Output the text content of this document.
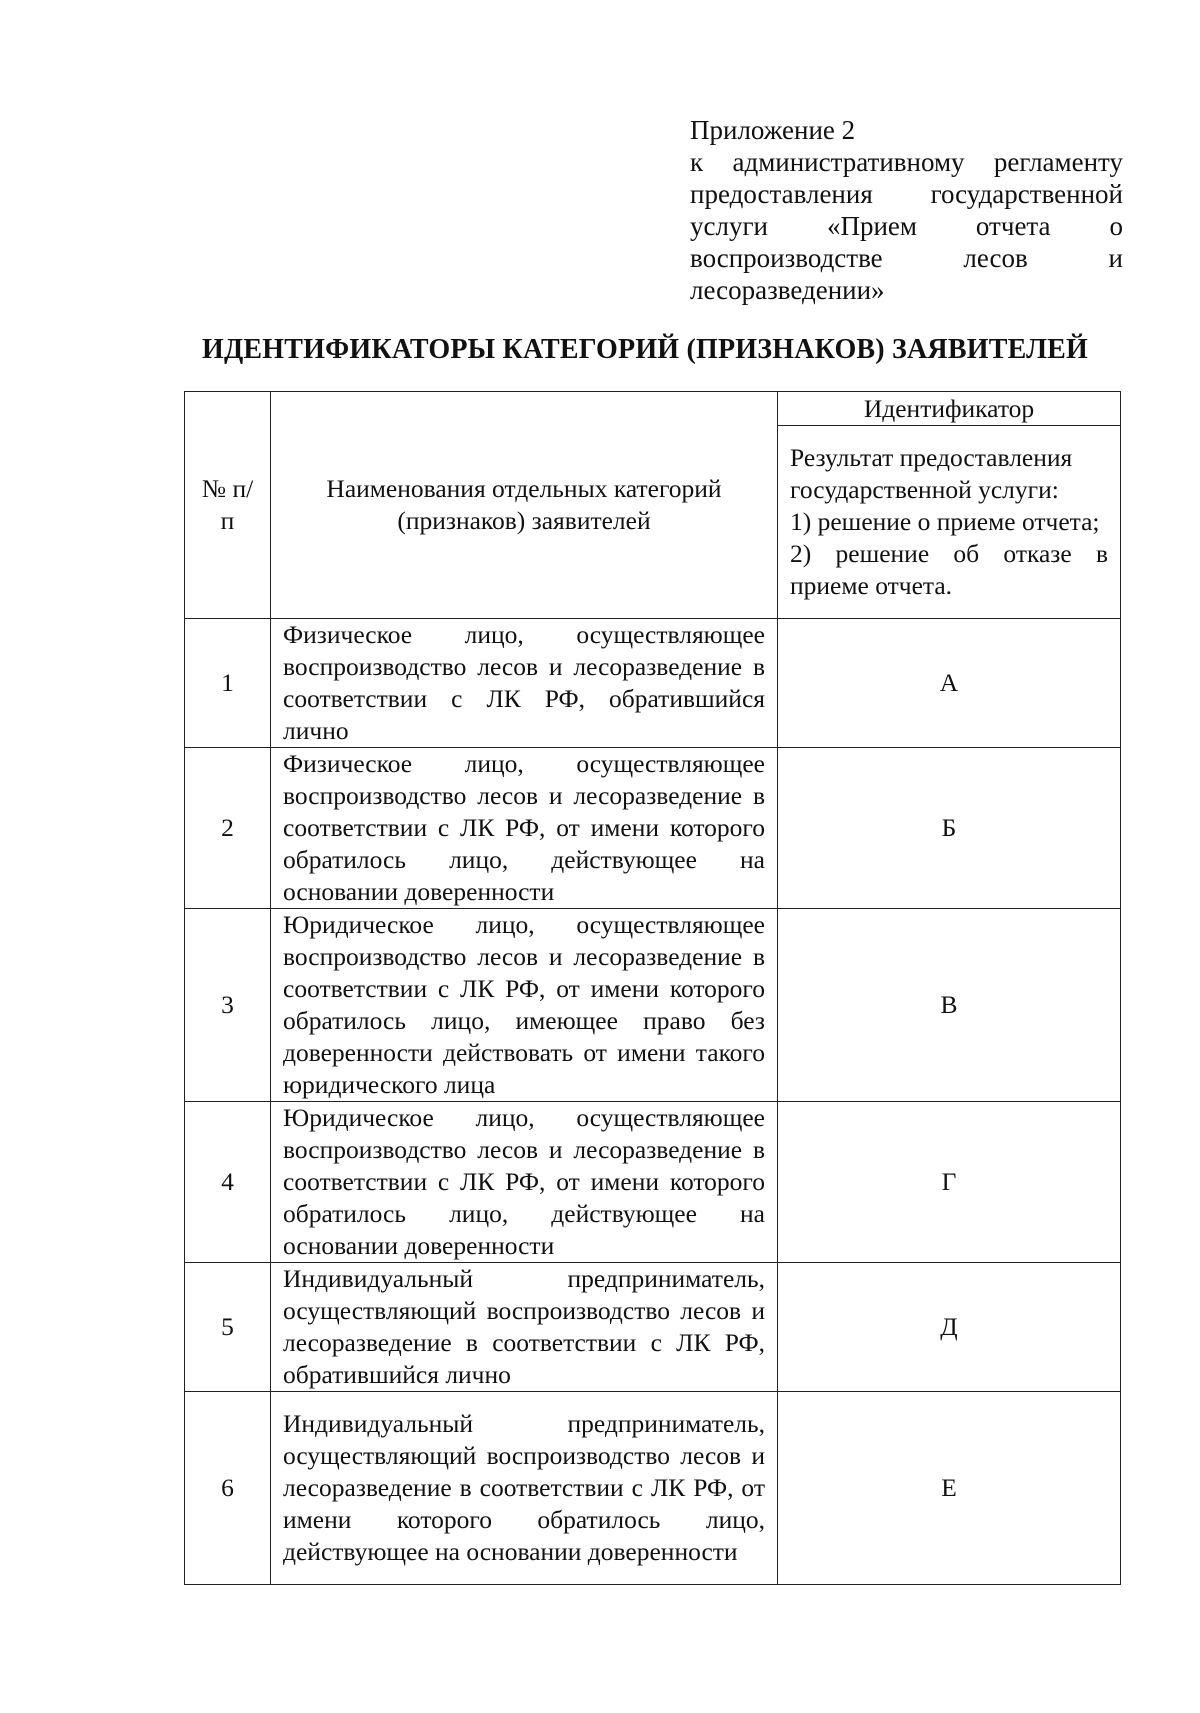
Приложение 2
к административному регламенту предоставления государственной услуги «Прием отчета о воспроизводстве лесов и лесоразведении»
ИДЕНТИФИКАТОРЫ КАТЕГОРИЙ (ПРИЗНАКОВ) ЗАЯВИТЕЛЕЙ
№ п/п	Наименования отдельных категорий (признаков) заявителей	Идентификатор

		Результат предоставления государственной услуги:
1) решение о приеме отчета;
2) решение об отказе в приеме отчета.

1	Физическое лицо, осуществляющее воспроизводство лесов и лесоразведение в соответствии с ЛК РФ, обратившийся лично	А
2	Физическое лицо, осуществляющее воспроизводство лесов и лесоразведение в соответствии с ЛК РФ, от имени которого обратилось лицо, действующее на основании доверенности	Б
3	Юридическое лицо, осуществляющее воспроизводство лесов и лесоразведение в соответствии с ЛК РФ, от имени которого обратилось лицо, имеющее право без доверенности действовать от имени такого юридического лица	В
4	Юридическое лицо, осуществляющее воспроизводство лесов и лесоразведение в соответствии с ЛК РФ, от имени которого обратилось лицо, действующее на основании доверенности	Г
5	Индивидуальный предприниматель, осуществляющий воспроизводство лесов и лесоразведение в соответствии с ЛК РФ, обратившийся лично	Д
6	Индивидуальный предприниматель, осуществляющий воспроизводство лесов и лесоразведение в соответствии с ЛК РФ, от имени которого обратилось лицо, действующее на основании доверенности	Е
